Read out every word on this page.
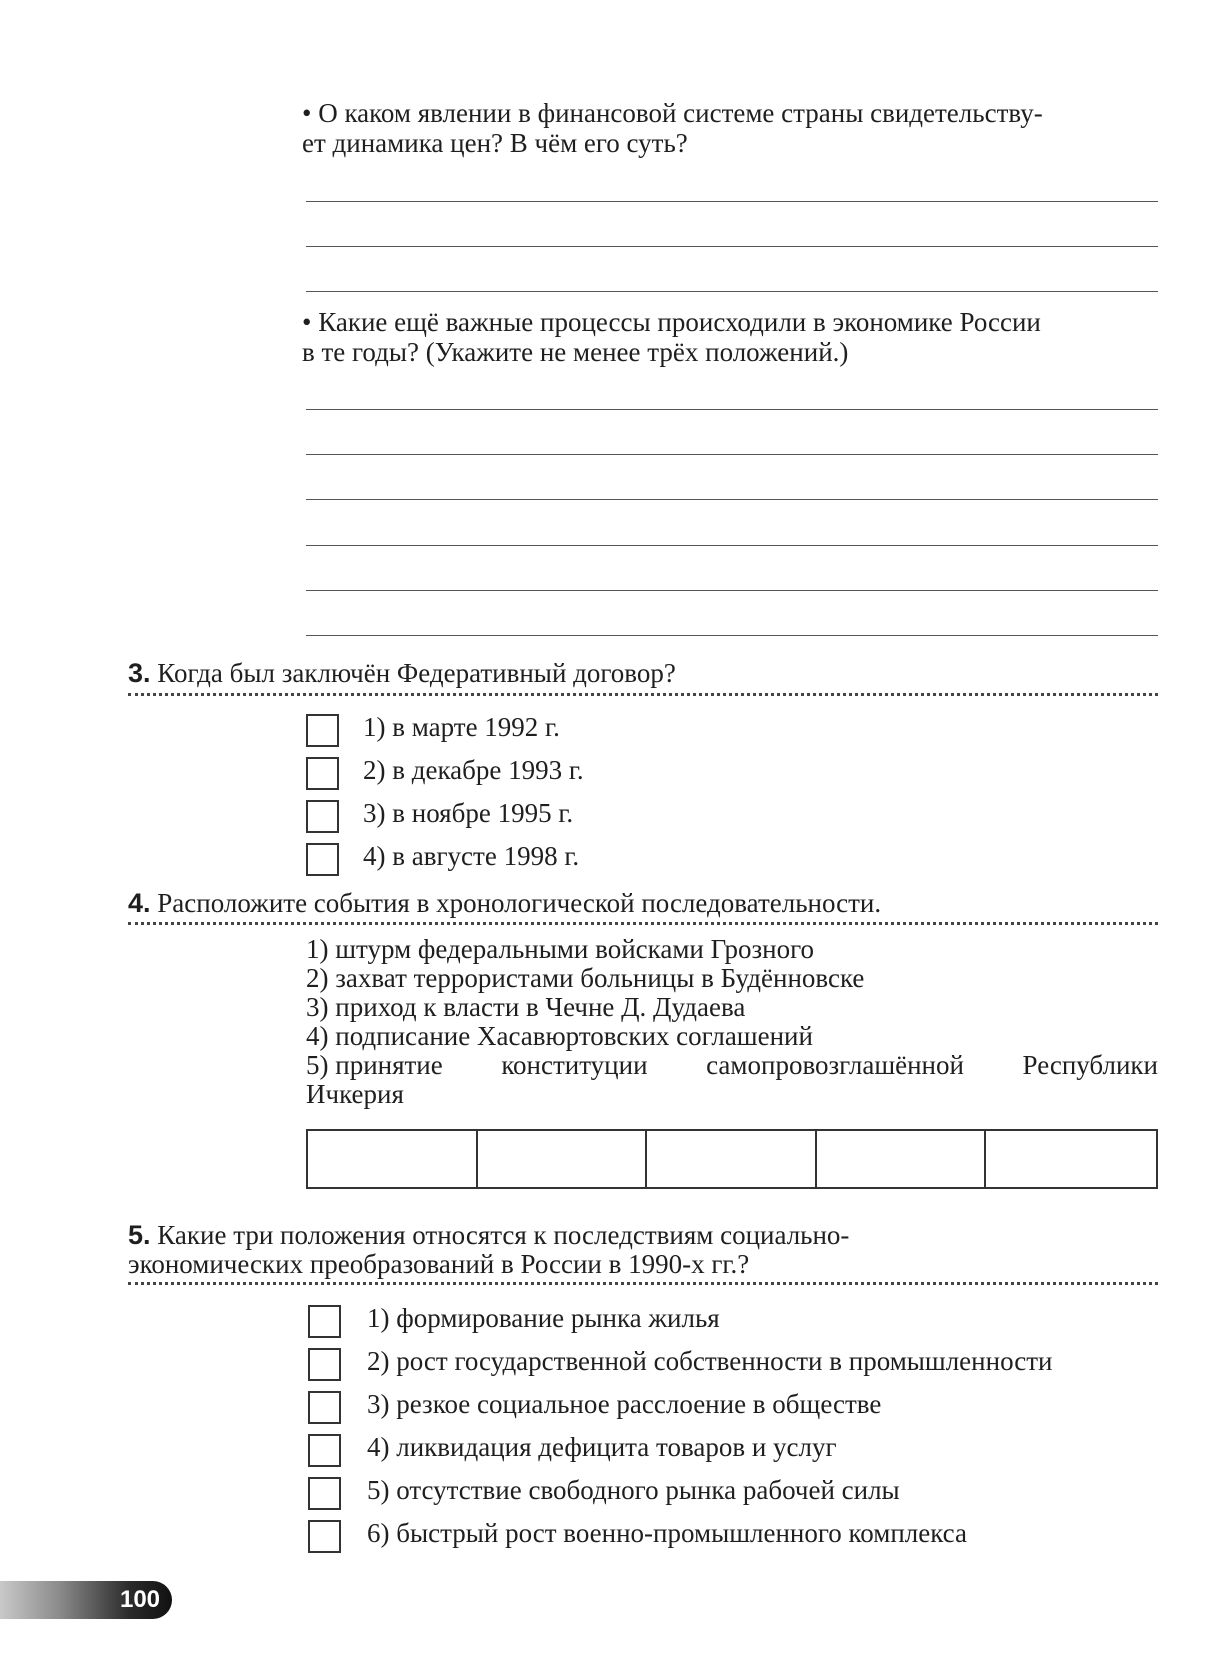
• О каком явлении в финансовой системе страны свидетельству-
ет динамика цен? В чём его суть?
• Какие ещё важные процессы происходили в экономике России
в те годы? (Укажите не менее трёх положений.)
3. Когда был заключён Федеративный договор?
1) в марте 1992 г.
2) в декабре 1993 г.
3) в ноябре 1995 г.
4) в августе 1998 г.
4. Расположите события в хронологической последовательности.
1) штурм федеральными войсками Грозного
2) захват террористами больницы в Будённовске
3) приход к власти в Чечне Д. Дудаева
4) подписание Хасавюртовских соглашений
5) принятие конституции самопровозглашённой Республики
Ичкерия
5. Какие три положения относятся к последствиям социально-
экономических преобразований в России в 1990-х гг.?
1) формирование рынка жилья
2) рост государственной собственности в промышленности
3) резкое социальное расслоение в обществе
4) ликвидация дефицита товаров и услуг
5) отсутствие свободного рынка рабочей силы
6) быстрый рост военно-промышленного комплекса
100
